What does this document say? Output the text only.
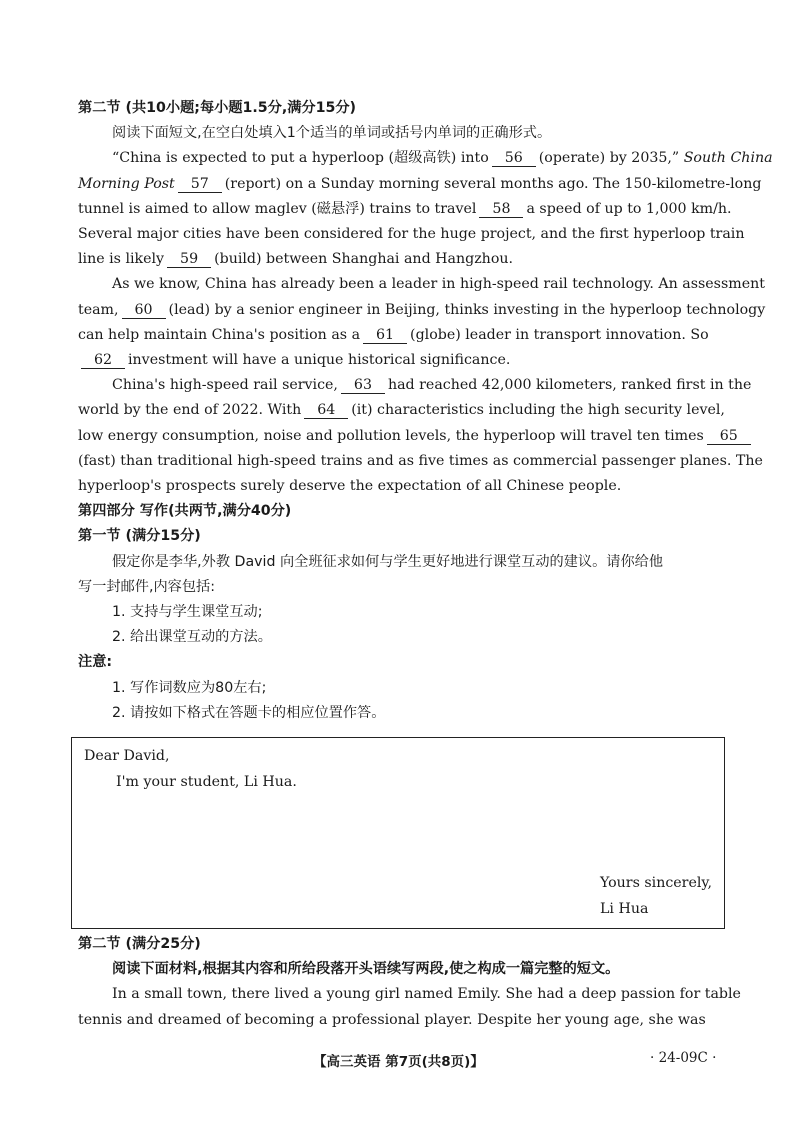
第二节 (共10小题;每小题1.5分,满分15分)
阅读下面短文,在空白处填入1个适当的单词或括号内单词的正确形式。
“China is expected to put a hyperloop (超级高铁) into 56 (operate) by 2035,” South China
Morning Post 57 (report) on a Sunday morning several months ago. The 150-kilometre-long
tunnel is aimed to allow maglev (磁悬浮) trains to travel 58 a speed of up to 1,000 km/h.
Several major cities have been considered for the huge project, and the first hyperloop train
line is likely 59 (build) between Shanghai and Hangzhou.
As we know, China has already been a leader in high-speed rail technology. An assessment
team, 60 (lead) by a senior engineer in Beijing, thinks investing in the hyperloop technology
can help maintain China's position as a 61 (globe) leader in transport innovation. So
62 investment will have a unique historical significance.
China's high-speed rail service, 63 had reached 42,000 kilometers, ranked first in the
world by the end of 2022. With 64 (it) characteristics including the high security level,
low energy consumption, noise and pollution levels, the hyperloop will travel ten times 65
(fast) than traditional high-speed trains and as five times as commercial passenger planes. The
hyperloop's prospects surely deserve the expectation of all Chinese people.
第四部分 写作(共两节,满分40分)
第一节 (满分15分)
假定你是李华,外教 David 向全班征求如何与学生更好地进行课堂互动的建议。请你给他
写一封邮件,内容包括:
1. 支持与学生课堂互动;
2. 给出课堂互动的方法。
注意:
1. 写作词数应为80左右;
2. 请按如下格式在答题卡的相应位置作答。
Dear David,
I'm your student, Li Hua.
Yours sincerely,
Li Hua
第二节 (满分25分)
阅读下面材料,根据其内容和所给段落开头语续写两段,使之构成一篇完整的短文。
In a small town, there lived a young girl named Emily. She had a deep passion for table
tennis and dreamed of becoming a professional player. Despite her young age, she was
【高三英语 第7页(共8页)】	· 24-09C ·
